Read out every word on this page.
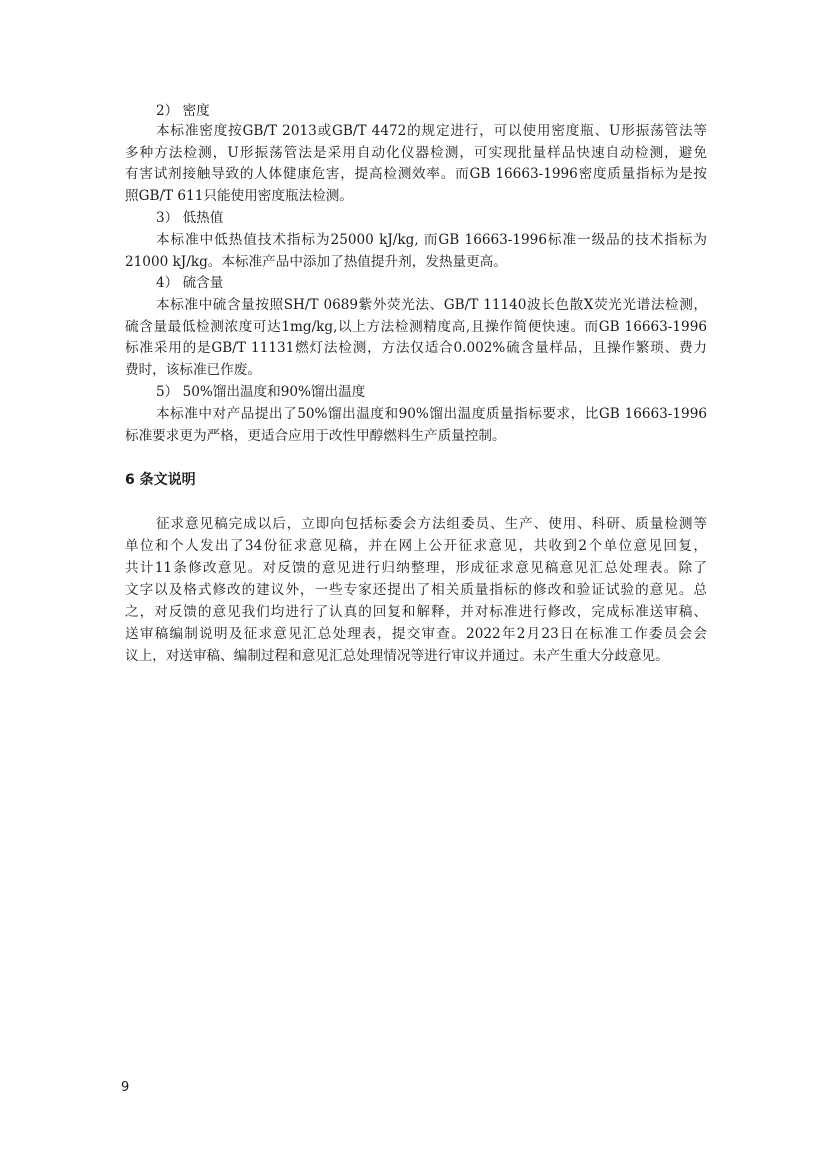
2） 密度
本标准密度按GB/T 2013或GB/T 4472的规定进行，可以使用密度瓶、U形振荡管法等
多种方法检测，U形振荡管法是采用自动化仪器检测，可实现批量样品快速自动检测，避免
有害试剂接触导致的人体健康危害，提高检测效率。而GB 16663-1996密度质量指标为是按
照GB/T 611只能使用密度瓶法检测。
3） 低热值
本标准中低热值技术指标为25000 kJ/kg, 而GB 16663-1996标准一级品的技术指标为
21000 kJ/kg。本标准产品中添加了热值提升剂，发热量更高。
4） 硫含量
本标准中硫含量按照SH/T 0689紫外荧光法、GB/T 11140波长色散X荧光光谱法检测，
硫含量最低检测浓度可达1mg/kg,以上方法检测精度高,且操作简便快速。而GB 16663-1996
标准采用的是GB/T 11131燃灯法检测，方法仅适合0.002%硫含量样品，且操作繁琐、费力
费时，该标准已作废。
5） 50%馏出温度和90%馏出温度
本标准中对产品提出了50%馏出温度和90%馏出温度质量指标要求，比GB 16663-1996
标准要求更为严格，更适合应用于改性甲醇燃料生产质量控制。
6 条文说明
征求意见稿完成以后，立即向包括标委会方法组委员、生产、使用、科研、质量检测等
单位和个人发出了34份征求意见稿，并在网上公开征求意见，共收到2个单位意见回复，
共计11条修改意见。对反馈的意见进行归纳整理，形成征求意见稿意见汇总处理表。除了
文字以及格式修改的建议外，一些专家还提出了相关质量指标的修改和验证试验的意见。总
之，对反馈的意见我们均进行了认真的回复和解释，并对标准进行修改，完成标准送审稿、
送审稿编制说明及征求意见汇总处理表，提交审查。2022年2月23日在标准工作委员会会
议上，对送审稿、编制过程和意见汇总处理情况等进行审议并通过。未产生重大分歧意见。
9
